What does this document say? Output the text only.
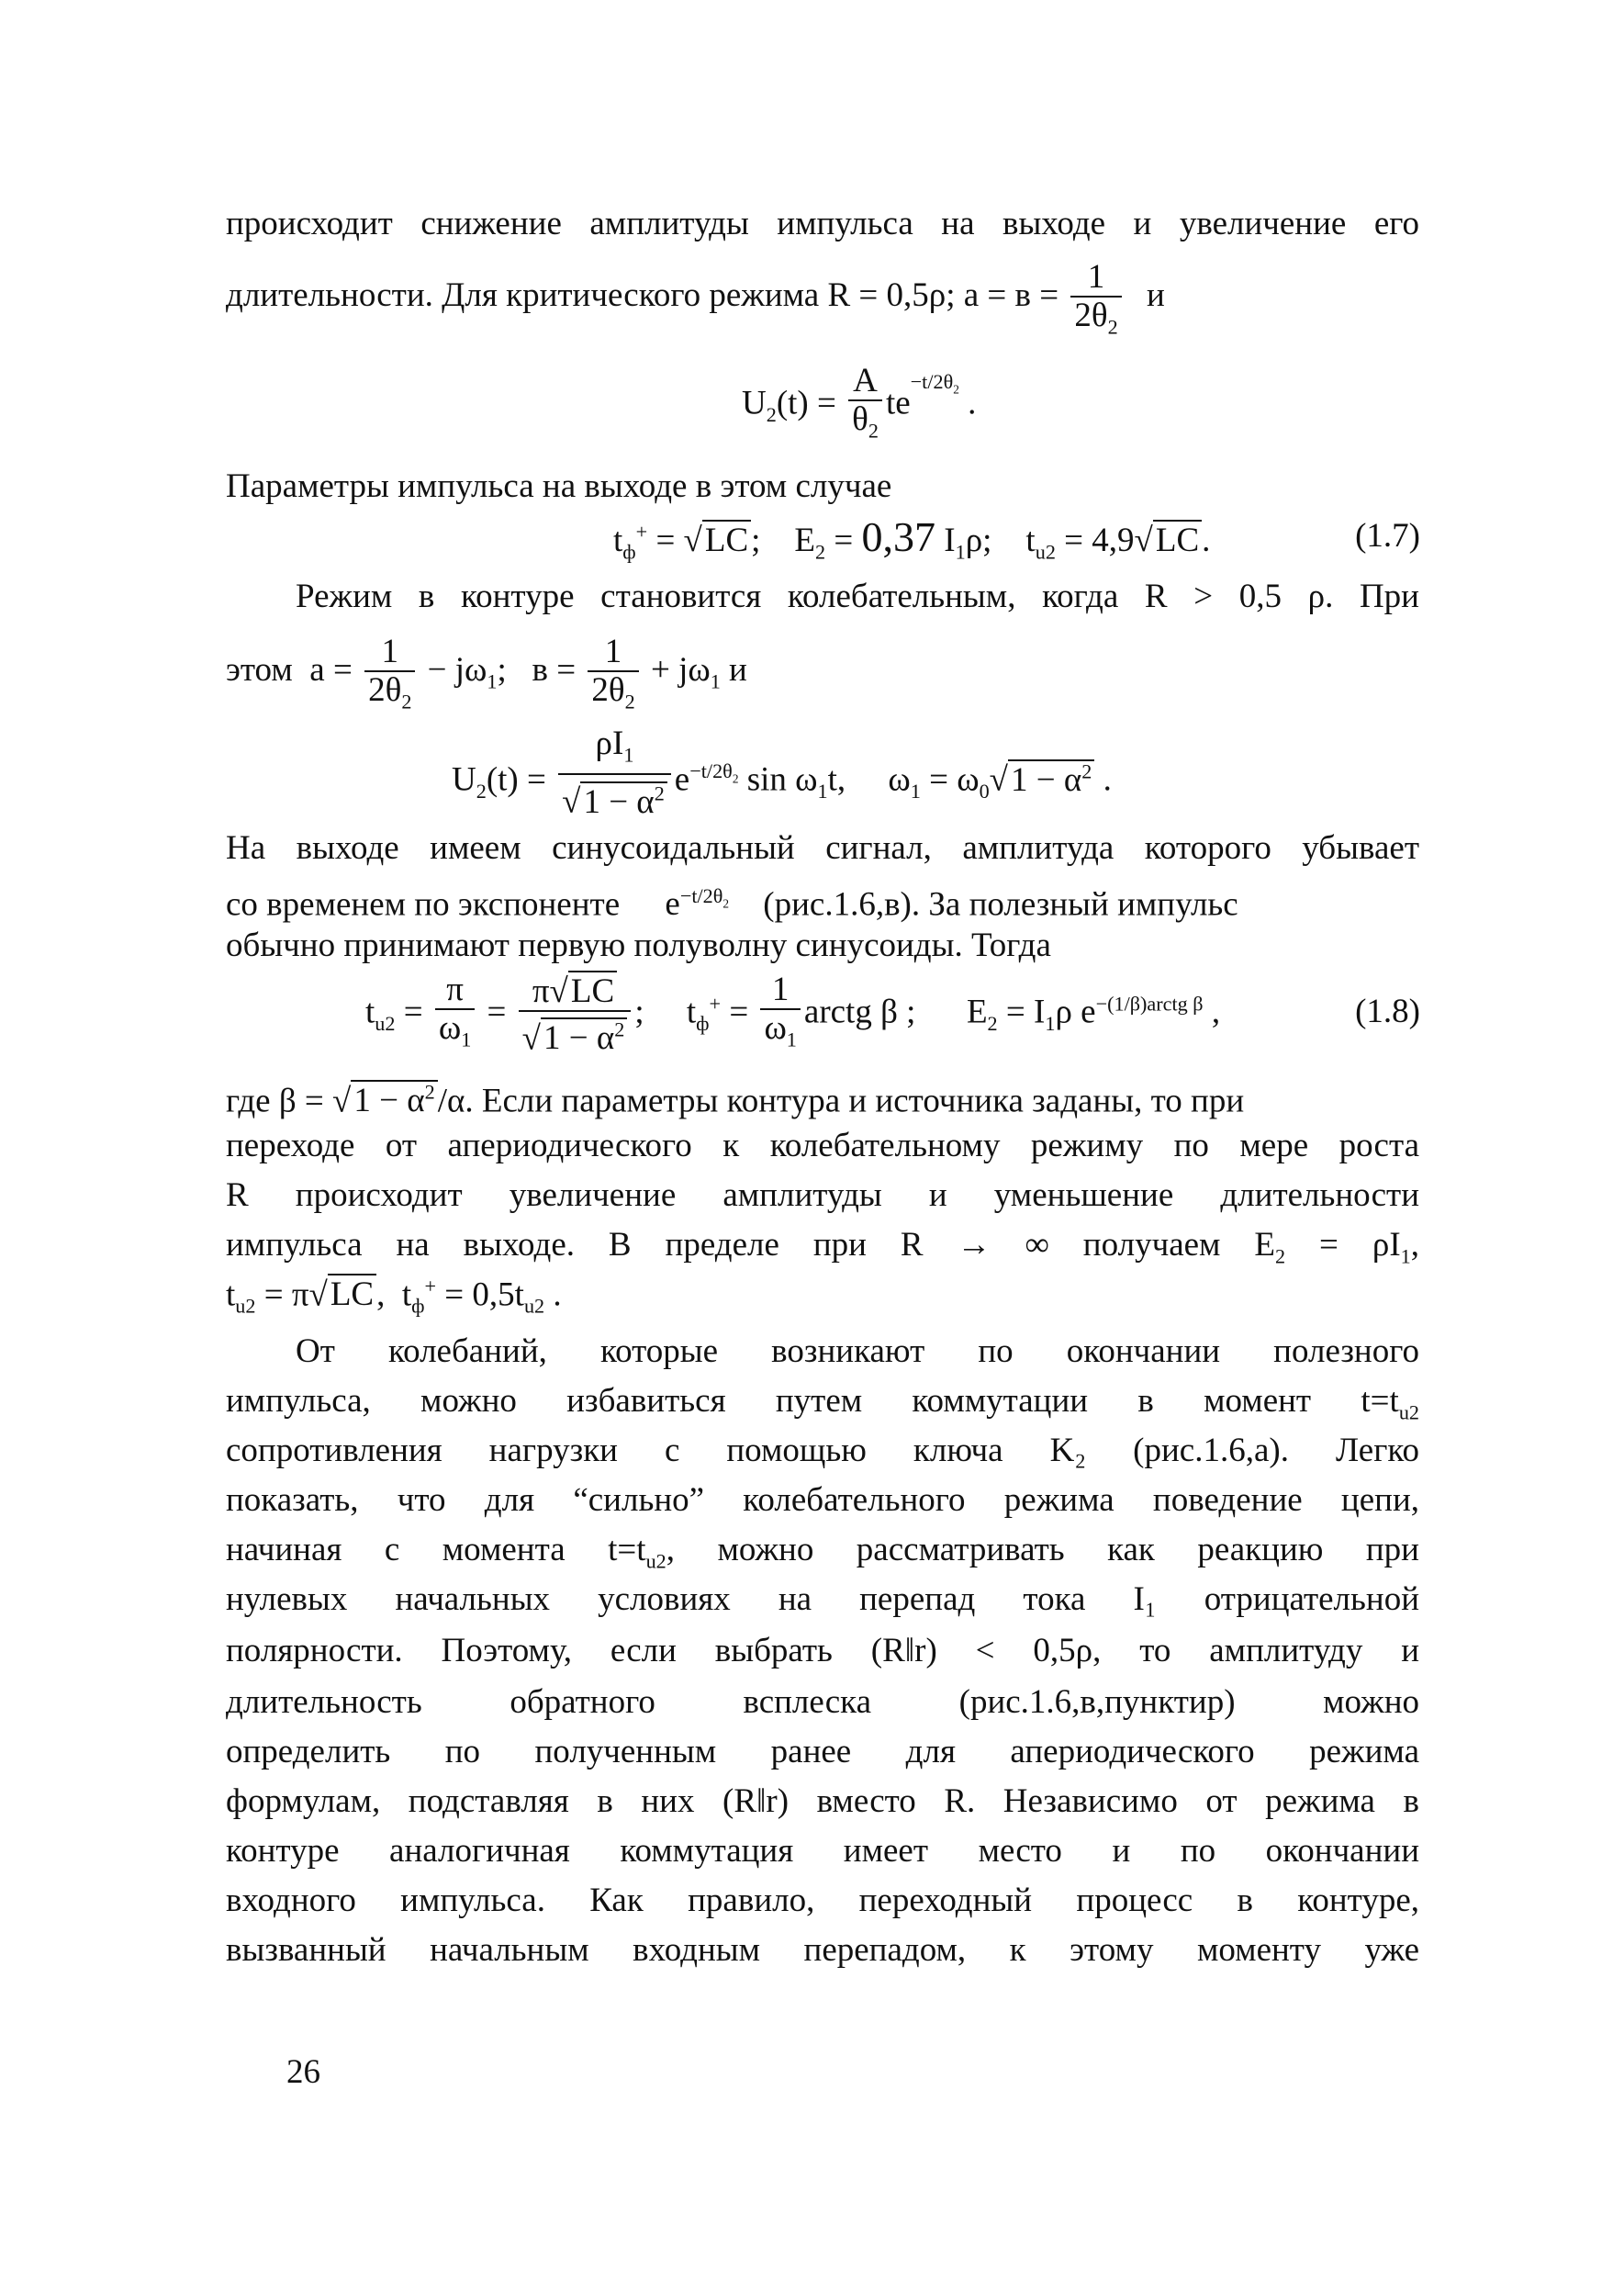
происходит снижение амплитуды импульса на выходе и увеличение его

длительности. Для критического режима R = 0,5ρ; $a = в = \frac{1}{2\theta_2}$ и

$U_2(t) = \frac{A}{\theta_2} te^{-t/2\theta_2}$ .

Параметры импульса на выходе в этом случае

$t_ф^+ = √LC$;    $E_2 = 0,37$ $I_1\rho$;    $t_{u2} = 4,9√LC$.	(1.7)

Режим в контуре становится колебательным, когда R > 0,5 ρ. При

этом  $a = \frac{1}{2\theta_2} - j\omega_1$;   $в = \frac{1}{2\theta_2} + j\omega_1$ и
$U_2(t) = \frac{\rho I_1}{√1 - \alpha^2} e^{-t/2\theta_2}$ $\sin \omega_1t$,     $\omega_1 = \omega_0√1 - \alpha^2$ .

На выходе имеем синусоидальный сигнал, амплитуда которого убывает

со временем по экспоненте $e^{-t/2\theta_2}$ (рис.1.6,в). За полезный импульс

обычно принимают первую полуволну синусоиды. Тогда

$t_{u2} = \frac{\pi}{\omega_1} = \frac{\pi√LC}{√1 - \alpha^2}$ ;     $t_ф^+ = \frac{1}{\omega_1}$ arctg β ;      $E_2 = I_1\rho$ $e^{-(1/\beta)arctg \beta}$ ,	(1.8)

где $\beta = √1 - \alpha^2/\alpha$. Если параметры контура и источника заданы, то при

переходе от апериодического к колебательному режиму по мере роста

R происходит увеличение амплитуды и уменьшение длительности

импульса на выходе. В пределе при R → ∞ получаем $E_2 = \rho I_1$,

$t_{u2} = \pi√LC$,  $t_ф^+ = 0,5t_{u2}$ .

От колебаний, которые возникают по окончании полезного

импульса, можно избавиться путем коммутации в момент $t=t_{u2}$

сопротивления нагрузки с помощью ключа K₂ (рис.1.6,а). Легко

показать, что для “сильно” колебательного режима поведение цепи,

начиная с момента $t=t_{u2}$, можно рассматривать как реакцию при

нулевых начальных условиях на перепад тока I₁ отрицательной

полярности. Поэтому, если выбрать (R‖r) < 0,5ρ, то амплитуду и

длительность обратного всплеска (рис.1.6,в,пунктир) можно

определить по полученным ранее для апериодического режима

формулам, подставляя в них (R‖r) вместо R. Независимо от режима в

контуре аналогичная коммутация имеет место и по окончании

входного импульса. Как правило, переходный процесс в контуре,

вызванный начальным входным перепадом, к этому моменту уже

26
